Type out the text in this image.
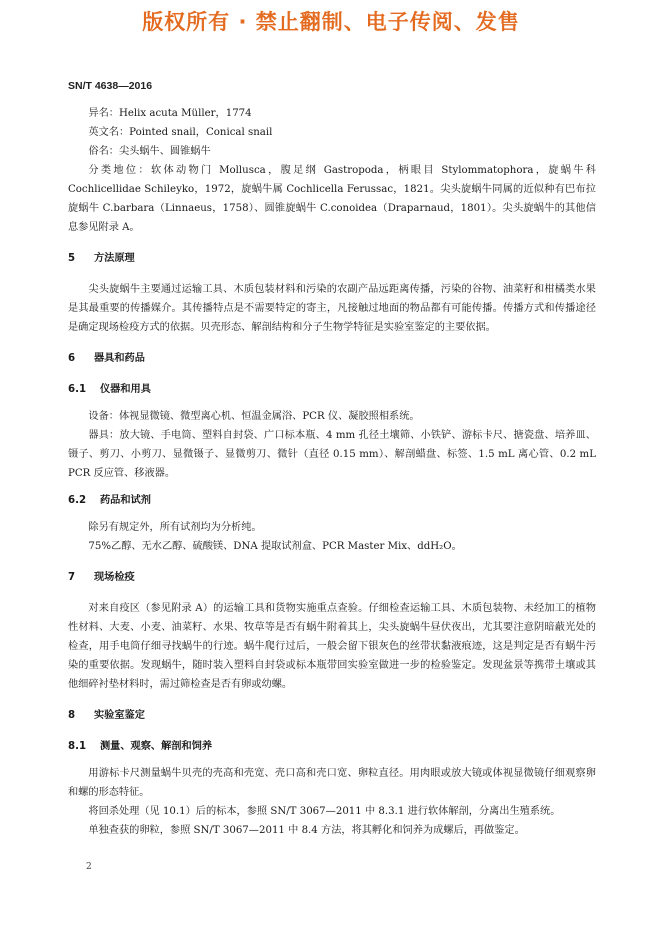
版权所有 · 禁止翻制、电子传阅、发售
SN/T 4638—2016
异名：Helix acuta Müller，1774
英文名：Pointed snail，Conical snail
俗名：尖头蜗牛、圆锥蜗牛
分类地位：软体动物门 Mollusca，腹足纲 Gastropoda，柄眼目 Stylommatophora，旋蜗牛科 Cochlicellidae Schileyko，1972，旋蜗牛属 Cochlicella Ferussac，1821。尖头旋蜗牛同属的近似种有巴布拉旋蜗牛 C.barbara（Linnaeus，1758）、圆锥旋蜗牛 C.conoidea（Draparnaud，1801）。尖头旋蜗牛的其他信息参见附录 A。
5 方法原理
尖头旋蜗牛主要通过运输工具、木质包装材料和污染的农副产品远距离传播，污染的谷物、油菜籽和柑橘类水果是其最重要的传播媒介。其传播特点是不需要特定的寄主，凡接触过地面的物品都有可能传播。传播方式和传播途径是确定现场检疫方式的依据。贝壳形态、解剖结构和分子生物学特征是实验室鉴定的主要依据。
6 器具和药品
6.1 仪器和用具
设备：体视显微镜、微型离心机、恒温金属浴、PCR 仪、凝胶照相系统。
器具：放大镜、手电筒、塑料自封袋、广口标本瓶、4 mm 孔径土壤筛、小铁铲、游标卡尺、搪瓷盘、培养皿、镊子、剪刀、小剪刀、显微镊子、显微剪刀、微针（直径 0.15 mm）、解剖蜡盘、标签、1.5 mL 离心管、0.2 mL PCR 反应管、移液器。
6.2 药品和试剂
除另有规定外，所有试剂均为分析纯。
75%乙醇、无水乙醇、硫酸镁、DNA 提取试剂盒、PCR Master Mix、ddH₂O。
7 现场检疫
对来自疫区（参见附录 A）的运输工具和货物实施重点查验。仔细检查运输工具、木质包装物、未经加工的植物性材料、大麦、小麦、油菜籽、水果、牧草等是否有蜗牛附着其上，尖头旋蜗牛昼伏夜出，尤其要注意阴暗蔽光处的检查，用手电筒仔细寻找蜗牛的行迹。蜗牛爬行过后，一般会留下银灰色的丝带状黏液痕迹，这是判定是否有蜗牛污染的重要依据。发现蜗牛，随时装入塑料自封袋或标本瓶带回实验室做进一步的检验鉴定。发现盆景等携带土壤或其他细碎衬垫材料时，需过筛检查是否有卵或幼螺。
8 实验室鉴定
8.1 测量、观察、解剖和饲养
用游标卡尺测量蜗牛贝壳的壳高和壳宽、壳口高和壳口宽、卵粒直径。用肉眼或放大镜或体视显微镜仔细观察卵和螺的形态特征。
将回杀处理（见 10.1）后的标本，参照 SN/T 3067—2011 中 8.3.1 进行软体解剖，分离出生殖系统。
单独查获的卵粒，参照 SN/T 3067—2011 中 8.4 方法，将其孵化和饲养为成螺后，再做鉴定。
2
